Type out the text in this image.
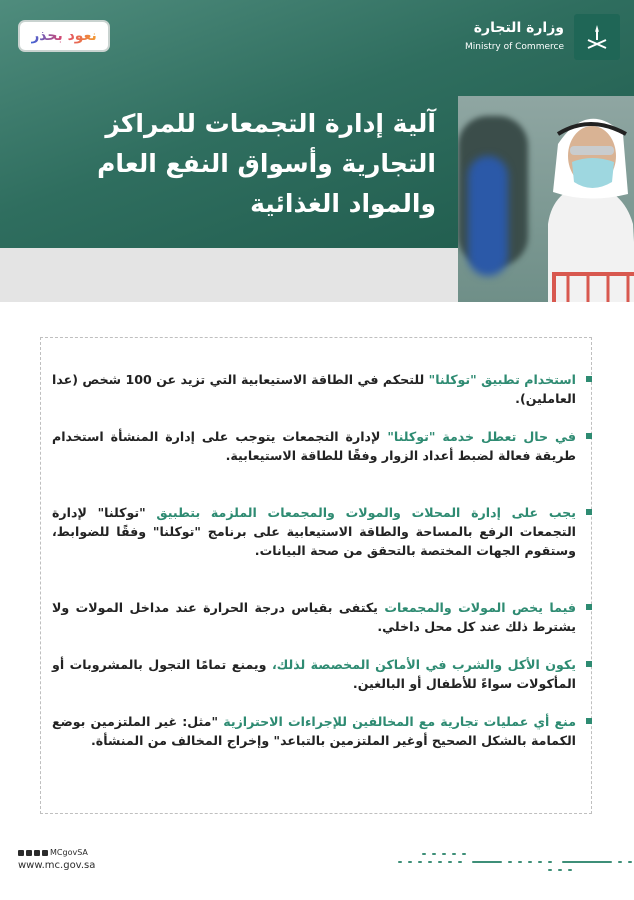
نعود بحذر	وزارة التجارة
Ministry of Commerce
آلية إدارة التجمعات للمراكز
التجارية وأسواق النفع العام
والمواد الغذائية
استخدام تطبيق "توكلنا" للتحكم في الطاقة الاستيعابية التي تزيد عن 100 شخص (عدا العاملين).
في حال تعطل خدمة "توكلنا" لإدارة التجمعات يتوجب على إدارة المنشأة استخدام طريقة فعالة لضبط أعداد الزوار وفقًا للطاقة الاستيعابية.
يجب على إدارة المحلات والمولات والمجمعات الملزمة بتطبيق "توكلنا" لإدارة التجمعات الرفع بالمساحة والطاقة الاستيعابية على برنامج "توكلنا" وفقًا للضوابط، وستقوم الجهات المختصة بالتحقق من صحة البيانات.
فيما يخص المولات والمجمعات يكتفى بقياس درجة الحرارة عند مداخل المولات ولا يشترط ذلك عند كل محل داخلي.
يكون الأكل والشرب في الأماكن المخصصة لذلك، ويمنع تمامًا التجول بالمشروبات أو المأكولات سواءً للأطفال أو البالغين.
منع أي عمليات تجارية مع المخالفين للإجراءات الاحترازية "مثل: غير الملتزمين بوضع الكمامة بالشكل الصحيح أوغير الملتزمين بالتباعد" وإخراج المخالف من المنشأة.
MCgovSA
www.mc.gov.sa
